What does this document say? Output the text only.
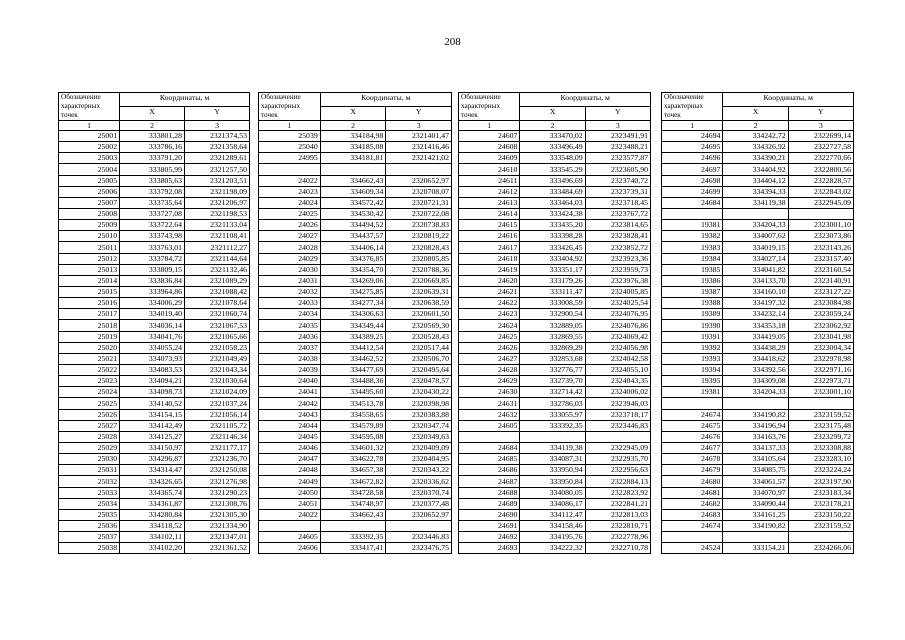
208
Обозначение характерных точек	Координаты, м	
	X	Y
1	2	3
25001	333801,28	2321374,53
25002	333786,16	2321358,64
25003	333791,20	2321289,61
25004	333805,99	2321257,50
25005	333805,63	2321203,51
25006	333792,08	2321198,09
25007	333735,64	2321206,97
25008	333727,08	2321198,53
25009	333722,64	2321133,04
25010	333743,98	2321108,41
25011	333763,01	2321112,27
25012	333784,72	2321144,64
25013	333809,15	2321132,46
25014	333836,84	2321089,29
25015	333964,86	2321088,42
25016	334006,29	2321078,64
25017	334019,40	2321060,74
25018	334036,14	2321067,53
25019	334041,76	2321065,66
25020	334055,24	2321058,23
25021	334073,93	2321049,49
25022	334083,53	2321043,34
25023	334094,21	2321030,64
25024	334098,73	2321024,09
25025	334140,52	2321037,24
25026	334154,15	2321056,14
25027	334142,49	2321105,72
25028	334125,27	2321146,34
25029	334150,97	2321177,17
25030	334296,87	2321236,70
25031	334314,47	2321250,08
25032	334326,65	2321276,98
25033	334365,74	2321290,23
25034	334361,87	2321308,76
25035	334280,84	2321305,30
25036	334118,52	2321334,90
25037	334102,11	2321347,01
25038	334102,20	2321361,52
Обозначение характерных точек	Координаты, м	
	X	Y
1	2	3
25039	334184,98	2321401,47
25040	334185,08	2321416,46
24995	334181,81	2321421,02

24022	334662,43	2320652,97
24023	334609,34	2320708,07
24024	334572,42	2320721,31
24025	334530,42	2320722,08
24026	334494,52	2320738,83
24027	334437,57	2320819,22
24028	334406,14	2320828,43
24029	334376,85	2320805,85
24030	334354,70	2320788,36
24031	334269,06	2320669,85
24032	334275,85	2320639,31
24033	334277,34	2320638,59
24034	334306,63	2320601,50
24035	334349,44	2320569,30
24036	334389,25	2320528,43
24037	334412,54	2320517,44
24038	334462,52	2320506,70
24039	334477,69	2320495,64
24040	334488,36	2320478,57
24041	334495,60	2320430,22
24042	334513,78	2320398,98
24043	334558,65	2320383,88
24044	334579,89	2320347,74
24045	334595,08	2320349,63
24046	334601,32	2320409,09
24047	334622,78	2320404,95
24048	334657,38	2320343,22
24049	334672,82	2320336,62
24050	334728,58	2320370,74
24051	334748,97	2320377,48
24022	334662,43	2320652,97

24605	333392,35	2323446,83
24606	333417,41	2323476,75
Обозначение характерных точек	Координаты, м	
	X	Y
1	2	3
24607	333470,02	2323491,91
24608	333496,49	2323488,21
24609	333548,09	2323577,87
24610	333545,29	2323605,90
24611	333496,69	2323740,72
24612	333484,69	2323739,31
24613	333464,03	2323718,45
24614	333424,38	2323767,72
24615	333435,20	2323814,65
24616	333398,28	2323828,41
24617	333426,45	2323852,72
24618	333404,92	2323923,36
24619	333351,17	2323959,73
24620	333179,26	2323976,38
24621	333111,47	2324005,85
24622	333008,59	2324025,54
24623	332900,54	2324076,95
24624	332889,05	2324076,86
24625	332869,55	2324069,42
24626	332869,29	2324056,98
24627	332853,68	2324042,58
24628	332776,77	2324055,10
24629	332739,70	2324043,35
24630	332714,42	2324006,02
24631	332786,03	2323946,03
24632	333055,97	2323718,17
24605	333392,35	2323446,83

24684	334119,38	2322945,09
24685	334087,31	2322935,70
24686	333950,94	2322956,63
24687	333950,84	2322884,13
24688	334080,05	2322823,92
24689	334086,17	2322841,21
24690	334112,47	2322813,03
24691	334158,46	2322810,71
24692	334195,76	2322778,96
24693	334222,32	2322710,78
Обозначение характерных точек	Координаты, м	
	X	Y
1	2	3
24694	334242,72	2322699,14
24695	334326,92	2322727,58
24696	334390,21	2322770,66
24697	334404,92	2322800,56
24698	334404,12	2322828,57
24699	334394,33	2322843,02
24684	334119,38	2322945,09

19381	334204,33	2323001,10
19382	334007,62	2323073,86
19383	334019,15	2323143,26
19384	334027,14	2323157,40
19385	334041,82	2323160,54
19386	334133,70	2323140,91
19387	334160,10	2323127,22
19388	334197,32	2323084,98
19389	334232,14	2323059,24
19390	334353,18	2323062,92
19391	334419,05	2323041,98
19392	334438,29	2323004,34
19393	334418,62	2322978,98
19394	334392,56	2322971,16
19395	334309,08	2322973,71
19381	334204,33	2323001,10

24674	334190,82	2323159,52
24675	334196,94	2323175,48
24676	334163,76	2323299,72
24677	334137,33	2323308,88
24678	334105,64	2323283,10
24679	334085,75	2323224,24
24680	334061,57	2323197,90
24681	334070,97	2323183,34
24682	334090,44	2323178,21
24683	334161,25	2323150,22
24674	334190,82	2323159,52

24524	333154,21	2324266,06
